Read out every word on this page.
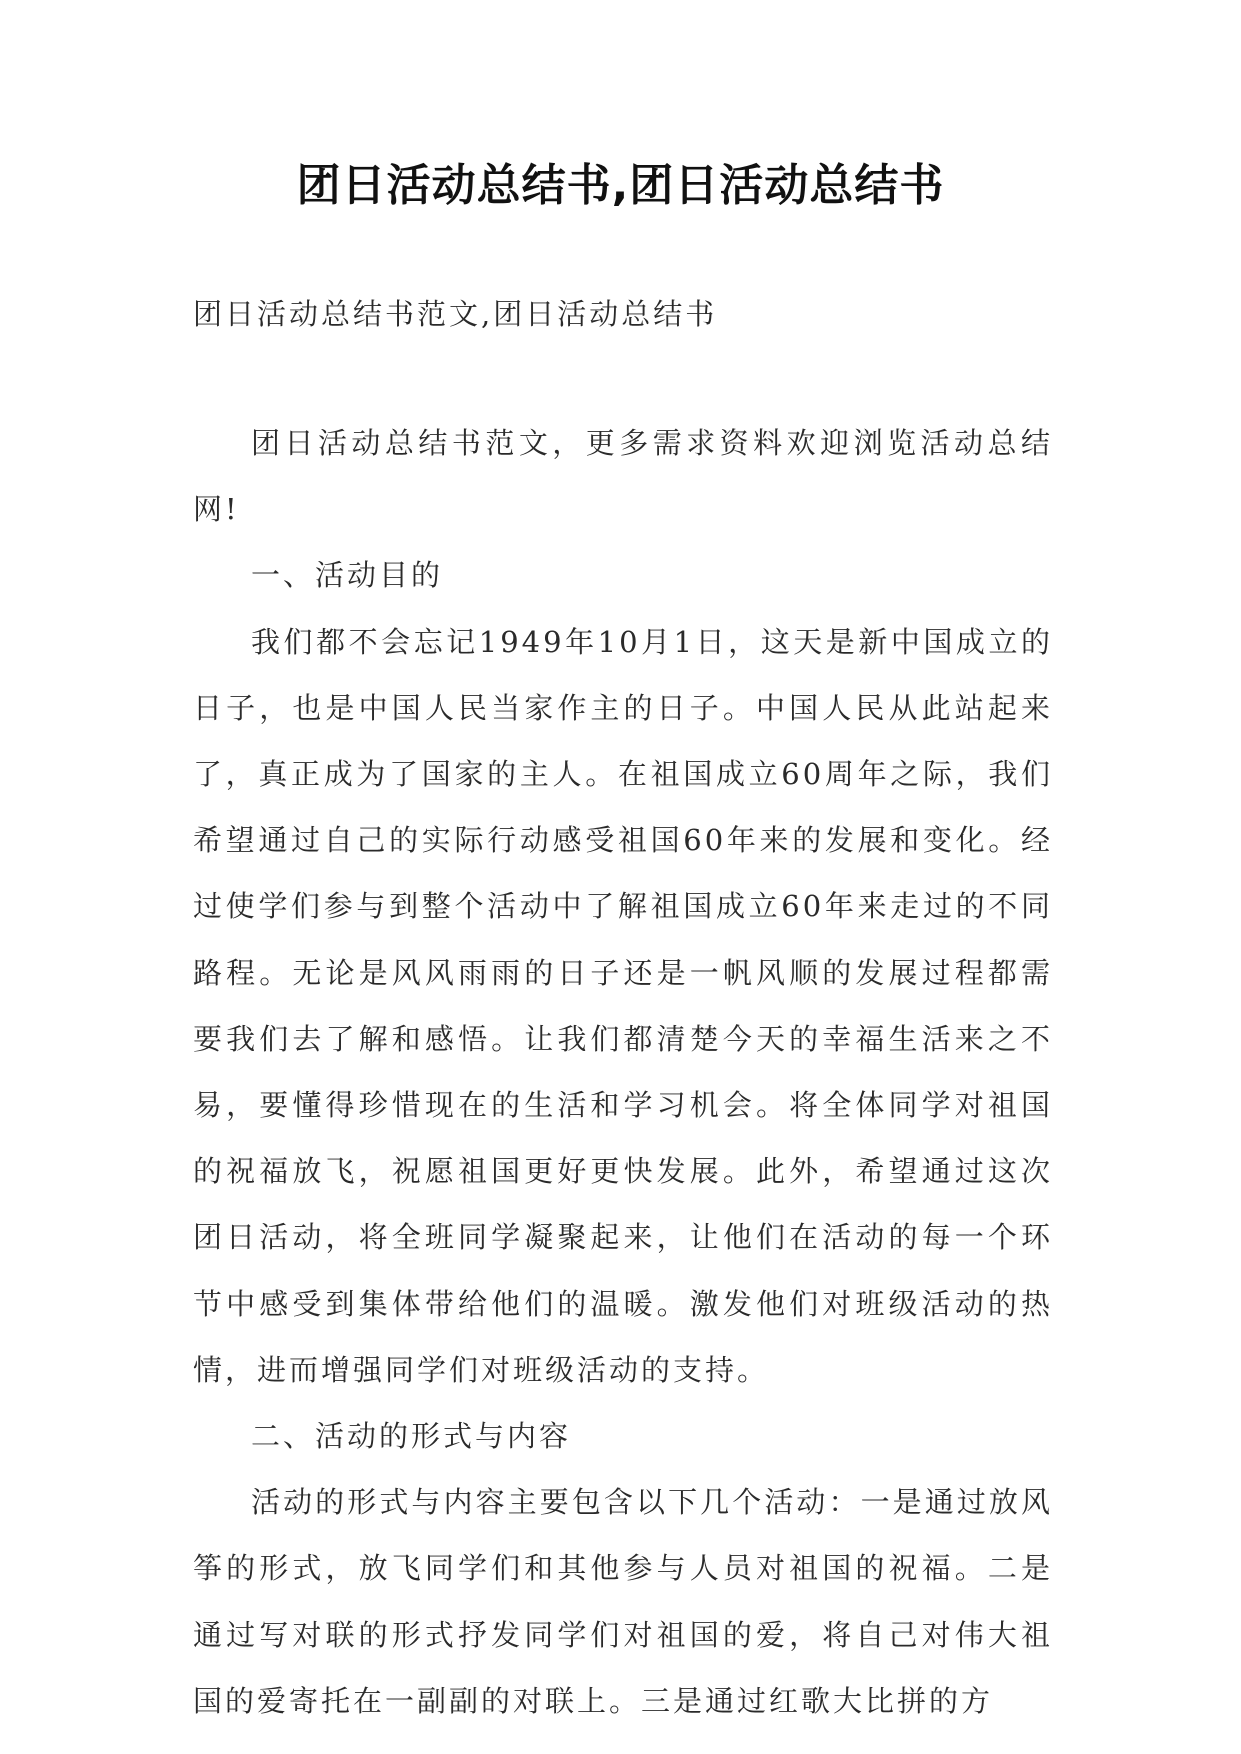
团日活动总结书,团日活动总结书
团日活动总结书范文,团日活动总结书

团日活动总结书范文，更多需求资料欢迎浏览活动总结网!

一、活动目的

我们都不会忘记1949年10月1日，这天是新中国成立的日子，也是中国人民当家作主的日子。中国人民从此站起来了，真正成为了国家的主人。在祖国成立60周年之际，我们希望通过自己的实际行动感受祖国60年来的发展和变化。经过使学们参与到整个活动中了解祖国成立60年来走过的不同路程。无论是风风雨雨的日子还是一帆风顺的发展过程都需要我们去了解和感悟。让我们都清楚今天的幸福生活来之不易，要懂得珍惜现在的生活和学习机会。将全体同学对祖国的祝福放飞，祝愿祖国更好更快发展。此外，希望通过这次团日活动，将全班同学凝聚起来，让他们在活动的每一个环节中感受到集体带给他们的温暖。激发他们对班级活动的热情，进而增强同学们对班级活动的支持。

二、活动的形式与内容

活动的形式与内容主要包含以下几个活动：一是通过放风筝的形式，放飞同学们和其他参与人员对祖国的祝福。二是通过写对联的形式抒发同学们对祖国的爱，将自己对伟大祖国的爱寄托在一副副的对联上。三是通过红歌大比拼的方
